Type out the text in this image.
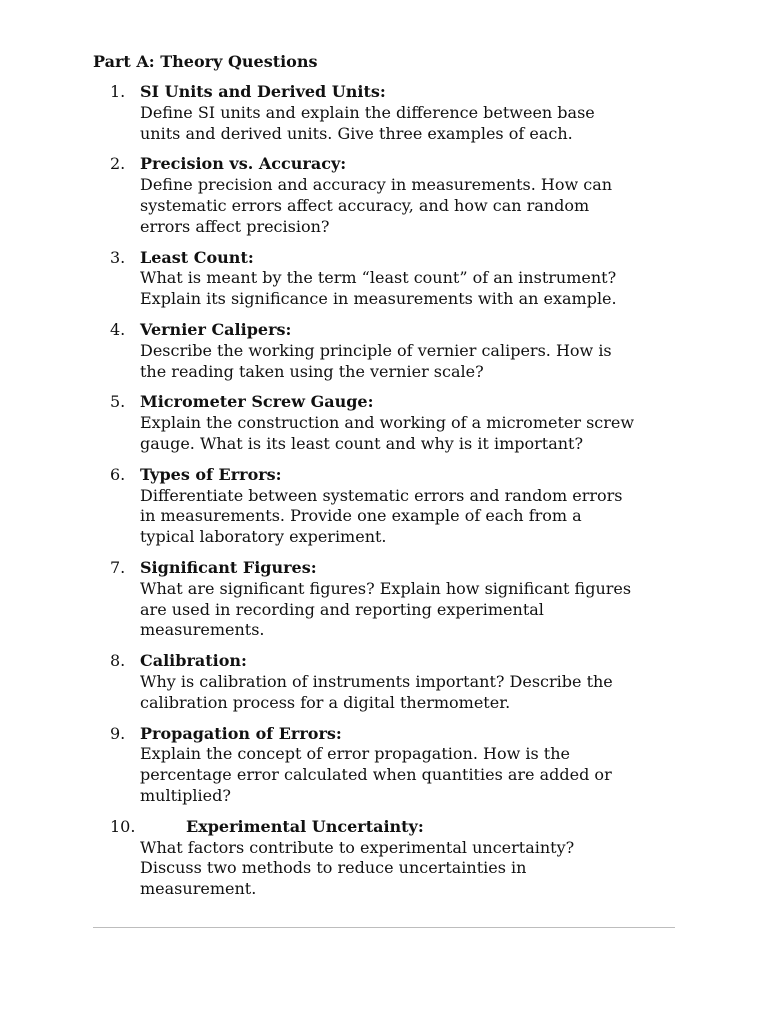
Part A: Theory Questions
1. SI Units and Derived Units:
Define SI units and explain the difference between base
units and derived units. Give three examples of each.
2. Precision vs. Accuracy:
Define precision and accuracy in measurements. How can
systematic errors affect accuracy, and how can random
errors affect precision?
3. Least Count:
What is meant by the term “least count” of an instrument?
Explain its significance in measurements with an example.
4. Vernier Calipers:
Describe the working principle of vernier calipers. How is
the reading taken using the vernier scale?
5. Micrometer Screw Gauge:
Explain the construction and working of a micrometer screw
gauge. What is its least count and why is it important?
6. Types of Errors:
Differentiate between systematic errors and random errors
in measurements. Provide one example of each from a
typical laboratory experiment.
7. Significant Figures:
What are significant figures? Explain how significant figures
are used in recording and reporting experimental
measurements.
8. Calibration:
Why is calibration of instruments important? Describe the
calibration process for a digital thermometer.
9. Propagation of Errors:
Explain the concept of error propagation. How is the
percentage error calculated when quantities are added or
multiplied?
10.	Experimental Uncertainty:
What factors contribute to experimental uncertainty?
Discuss two methods to reduce uncertainties in
measurement.
